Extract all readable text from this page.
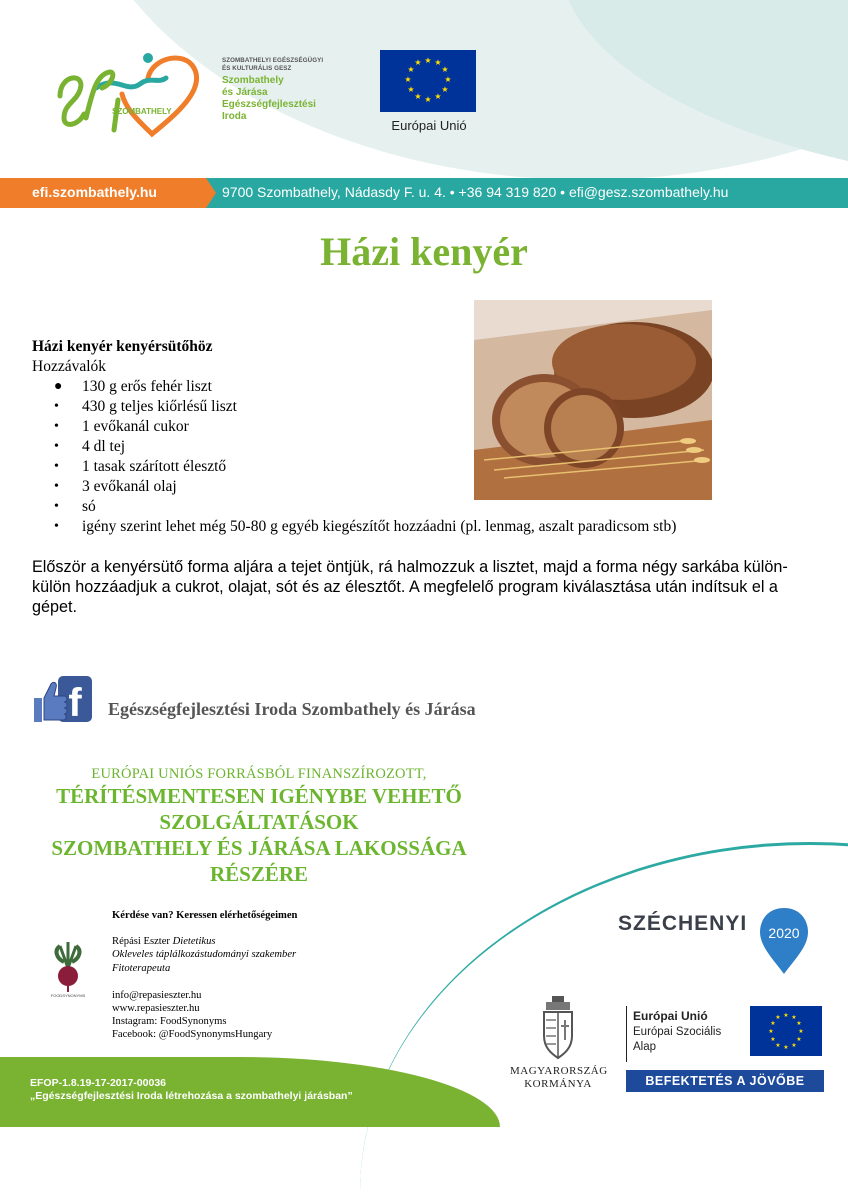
SZOMBATHELY
SZOMBATHELYI EGÉSZSÉGÜGYI
ÉS KULTURÁLIS GESZ
Szombathely
és Járása
Egészségfejlesztési
Iroda
★ ★
★
★
★
★
★
★
★
★
★
★
Európai Unió
efi.szombathely.hu	9700 Szombathely, Nádasdy F. u. 4. • +36 94 319 820 • efi@gesz.szombathely.hu
Házi kenyér
Házi kenyér kenyérsütőhöz
Hozzávalók
● 130 g erős fehér liszt
• 430 g teljes kiőrlésű liszt
• 1 evőkanál cukor
• 4 dl tej
• 1 tasak szárított élesztő
• 3 evőkanál olaj
• só
• igény szerint lehet még 50-80 g egyéb kiegészítőt hozzáadni (pl. lenmag, aszalt paradicsom stb)
Először a kenyérsütő forma aljára a tejet öntjük, rá halmozzuk a lisztet, majd a forma négy sarkába külön-külön hozzáadjuk a cukrot, olajat, sót és az élesztőt. A megfelelő program kiválasztása után indítsuk el a gépet.
f Egészségfejlesztési Iroda Szombathely és Járása
EURÓPAI UNIÓS FORRÁSBÓL FINANSZÍROZOTT,
TÉRÍTÉSMENTESEN IGÉNYBE VEHETŐ
SZOLGÁLTATÁSOK
SZOMBATHELY ÉS JÁRÁSA LAKOSSÁGA
RÉSZÉRE
FOODSYNONYMS
Kérdése van? Keressen elérhetőségeimen
Répási Eszter Dietetikus
Okleveles táplálkozástudományi szakember
Fitoterapeuta
info@repasieszter.hu
www.repasieszter.hu
Instagram: FoodSynonyms
Facebook: @FoodSynonymsHungary
SZÉCHENYI 2020
MAGYARORSZÁG
KORMÁNYA
Európai Unió
Európai Szociális
Alap
★ ★
★
★
★
★
★
★
★
★
★
★
BEFEKTETÉS A JÖVŐBE
EFOP-1.8.19-17-2017-00036
„Egészségfejlesztési Iroda létrehozása a szombathelyi járásban”
